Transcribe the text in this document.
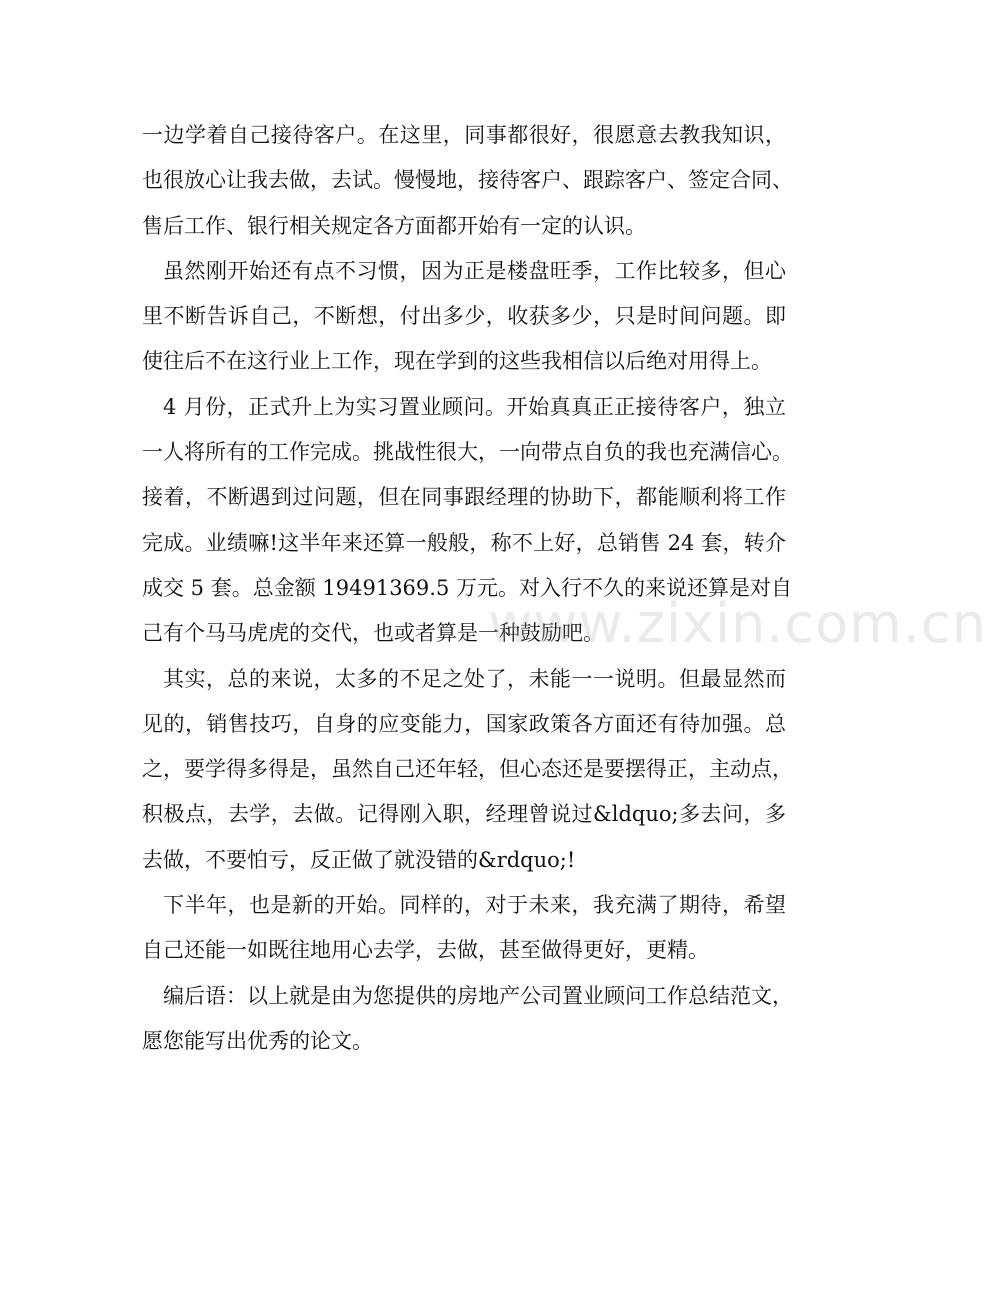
一边学着自己接待客户。在这里，同事都很好，很愿意去教我知识，
也很放心让我去做，去试。慢慢地，接待客户、跟踪客户、签定合同、
售后工作、银行相关规定各方面都开始有一定的认识。
虽然刚开始还有点不习惯，因为正是楼盘旺季，工作比较多，但心
里不断告诉自己，不断想，付出多少，收获多少，只是时间问题。即
使往后不在这行业上工作，现在学到的这些我相信以后绝对用得上。
4 月份，正式升上为实习置业顾问。开始真真正正接待客户，独立
一人将所有的工作完成。挑战性很大，一向带点自负的我也充满信心。
接着，不断遇到过问题，但在同事跟经理的协助下，都能顺利将工作
完成。业绩嘛!这半年来还算一般般，称不上好，总销售 24 套，转介
成交 5 套。总金额 19491369.5 万元。对入行不久的来说还算是对自
己有个马马虎虎的交代，也或者算是一种鼓励吧。
其实，总的来说，太多的不足之处了，未能一一说明。但最显然而
见的，销售技巧，自身的应变能力，国家政策各方面还有待加强。总
之，要学得多得是，虽然自己还年轻，但心态还是要摆得正，主动点，
积极点，去学，去做。记得刚入职，经理曾说过&ldquo;多去问，多
去做，不要怕亏，反正做了就没错的&rdquo;!
下半年，也是新的开始。同样的，对于未来，我充满了期待，希望
自己还能一如既往地用心去学，去做，甚至做得更好，更精。
编后语：以上就是由为您提供的房地产公司置业顾问工作总结范文，
愿您能写出优秀的论文。
www.zixin.com.cn
